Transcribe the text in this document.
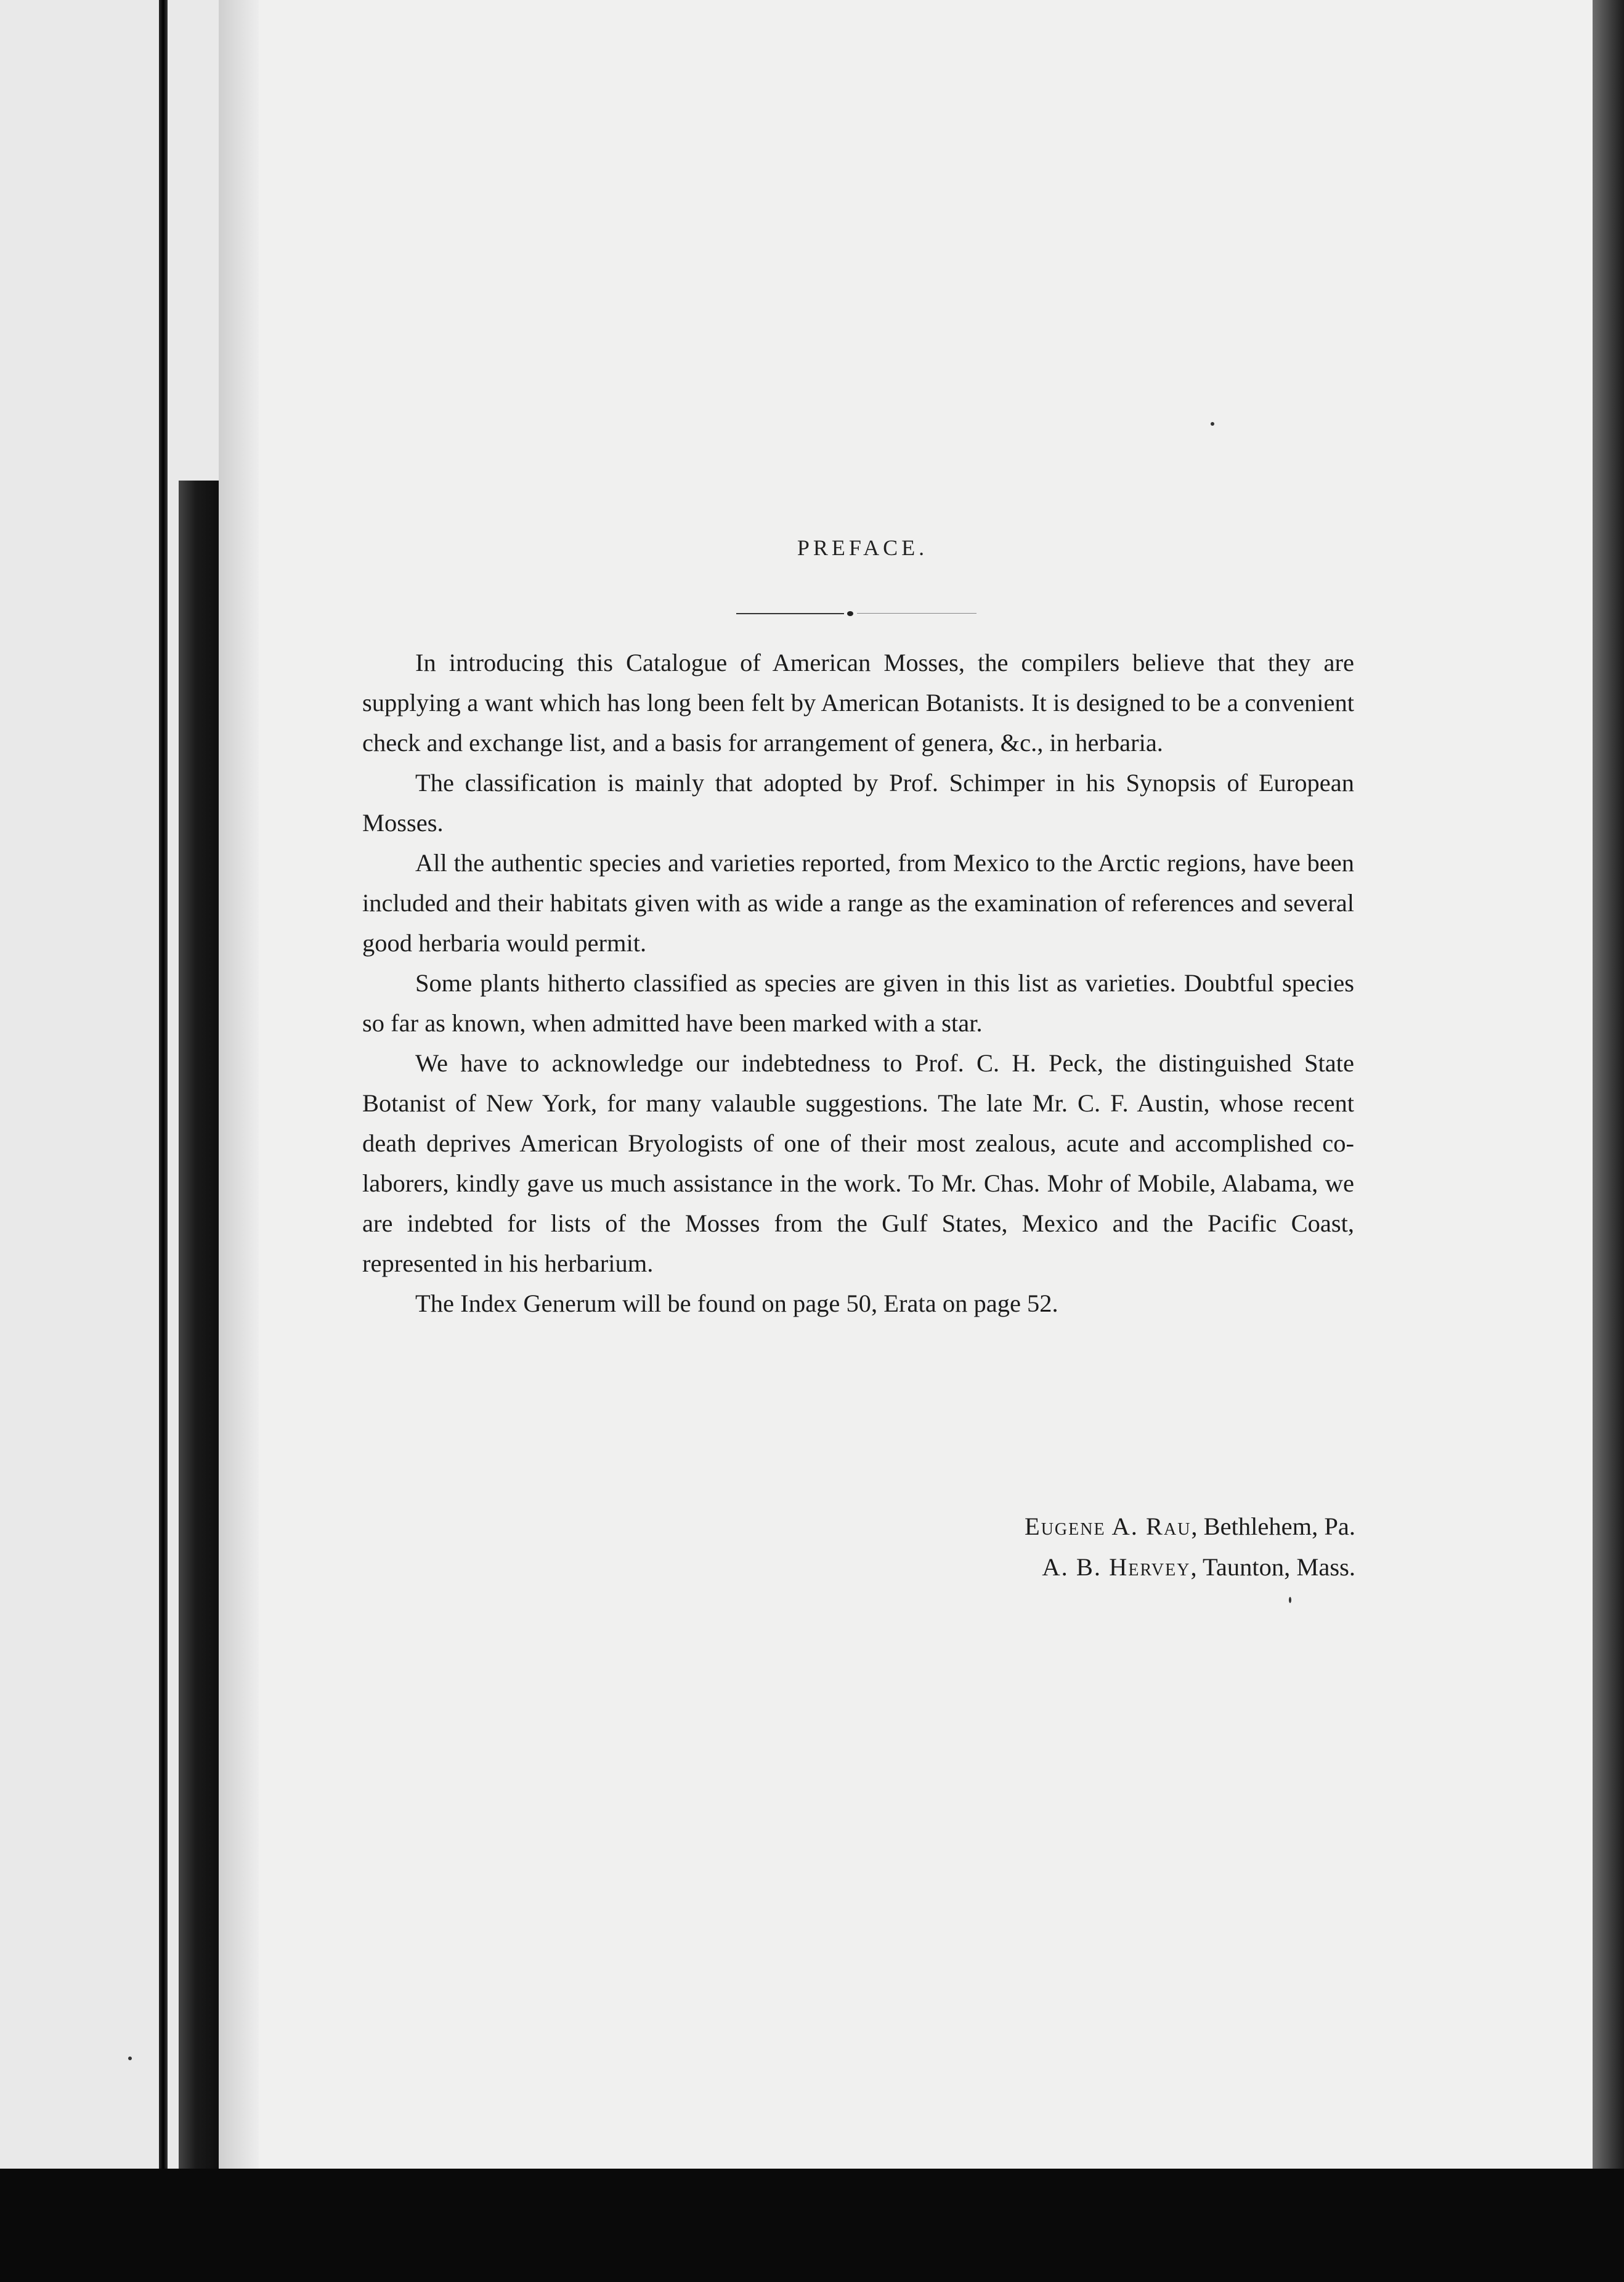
PREFACE.

In introducing this Catalogue of American Mosses, the compilers believe that they are supplying a want which has long been felt by American Botanists. It is designed to be a convenient check and exchange list, and a basis for arrangement of genera, &c., in herbaria.

The classification is mainly that adopted by Prof. Schimper in his Synopsis of European Mosses.

All the authentic species and varieties reported, from Mexico to the Arctic regions, have been included and their habitats given with as wide a range as the examination of references and several good herbaria would permit.

Some plants hitherto classified as species are given in this list as varieties. Doubtful species so far as known, when admitted have been marked with a star.

We have to acknowledge our indebtedness to Prof. C. H. Peck, the distinguished State Botanist of New York, for many valauble suggestions. The late Mr. C. F. Austin, whose recent death deprives American Bryologists of one of their most zealous, acute and accomplished co-laborers, kindly gave us much assistance in the work. To Mr. Chas. Mohr of Mobile, Alabama, we are indebted for lists of the Mosses from the Gulf States, Mexico and the Pacific Coast, represented in his herbarium.

The Index Generum will be found on page 50, Erata on page 52.

Eugene A. Rau, Bethlehem, Pa.
A. B. Hervey, Taunton, Mass.
